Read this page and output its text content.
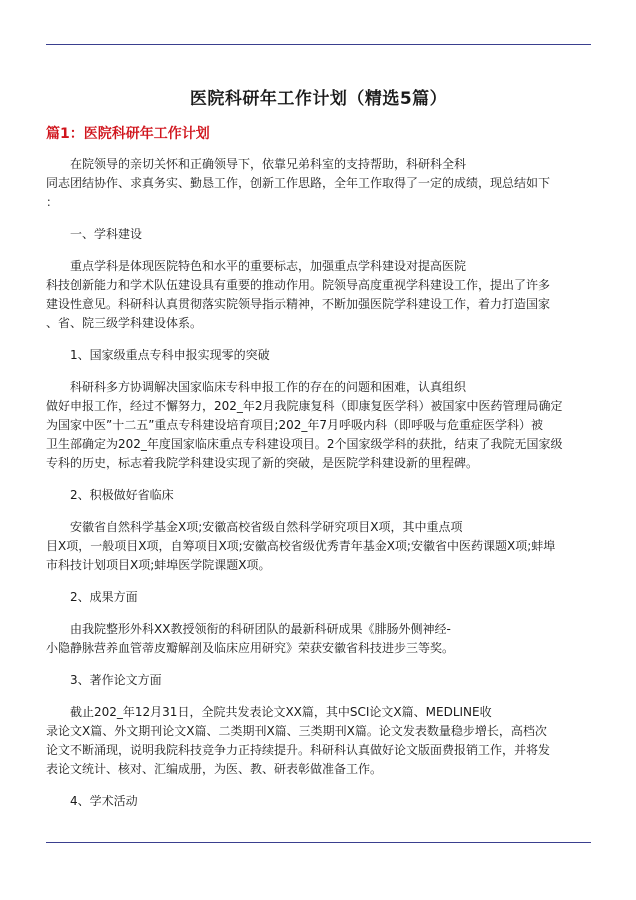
医院科研年工作计划（精选5篇）
篇1：医院科研年工作计划

在院领导的亲切关怀和正确领导下，依靠兄弟科室的支持帮助，科研科全科
同志团结协作、求真务实、勤恳工作，创新工作思路，全年工作取得了一定的成绩，现总结如下
：

一、学科建设

重点学科是体现医院特色和水平的重要标志，加强重点学科建设对提高医院
科技创新能力和学术队伍建设具有重要的推动作用。院领导高度重视学科建设工作，提出了许多
建设性意见。科研科认真贯彻落实院领导指示精神，不断加强医院学科建设工作，着力打造国家
、省、院三级学科建设体系。

1、国家级重点专科申报实现零的突破

科研科多方协调解决国家临床专科申报工作的存在的问题和困难，认真组织
做好申报工作，经过不懈努力，202_年2月我院康复科（即康复医学科）被国家中医药管理局确定
为国家中医”十二五”重点专科建设培育项目;202_年7月呼吸内科（即呼吸与危重症医学科）被
卫生部确定为202_年度国家临床重点专科建设项目。2个国家级学科的获批，结束了我院无国家级
专科的历史，标志着我院学科建设实现了新的突破，是医院学科建设新的里程碑。

2、积极做好省临床

安徽省自然科学基金X项;安徽高校省级自然科学研究项目X项，其中重点项
目X项，一般项目X项，自筹项目X项;安徽高校省级优秀青年基金X项;安徽省中医药课题X项;蚌埠
市科技计划项目X项;蚌埠医学院课题X项。

2、成果方面

由我院整形外科XX教授领衔的科研团队的最新科研成果《腓肠外侧神经-
小隐静脉营养血管蒂皮瓣解剖及临床应用研究》荣获安徽省科技进步三等奖。

3、著作论文方面

截止202_年12月31日，全院共发表论文XX篇，其中SCI论文X篇、MEDLINE收
录论文X篇、外文期刊论文X篇、二类期刊X篇、三类期刊X篇。论文发表数量稳步增长，高档次
论文不断涌现，说明我院科技竞争力正持续提升。科研科认真做好论文版面费报销工作，并将发
表论文统计、核对、汇编成册，为医、教、研表彰做准备工作。

4、学术活动
